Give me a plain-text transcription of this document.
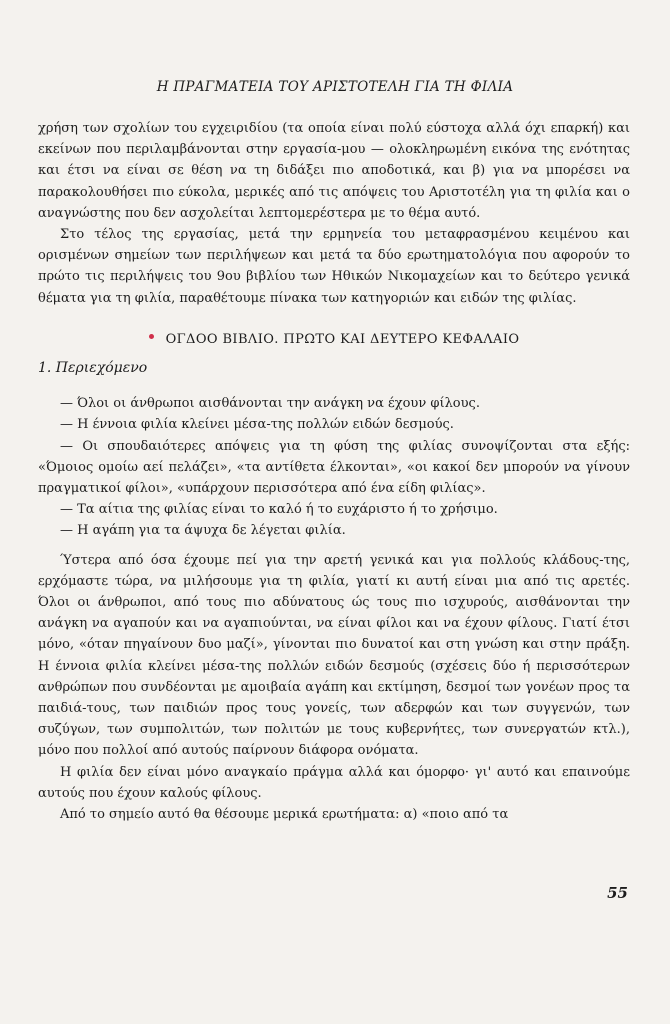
Η ΠΡΑΓΜΑΤΕΙΑ ΤΟΥ ΑΡΙΣΤΟΤΕΛΗ ΓΙΑ ΤΗ ΦΙΛΙΑ

χρήση των σχολίων του εγχειριδίου (τα οποία είναι πολύ εύστοχα αλλά όχι επαρκή) και εκείνων που περιλαμβάνονται στην εργασία-μου — ολοκληρωμένη εικόνα της ενότητας και έτσι να είναι σε θέση να τη διδάξει πιο αποδοτικά, και β) για να μπορέσει να παρακολουθήσει πιο εύκολα, μερικές από τις απόψεις του Αριστοτέλη για τη φιλία και ο αναγνώστης που δεν ασχολείται λεπτομερέστερα με το θέμα αυτό.

Στο τέλος της εργασίας, μετά την ερμηνεία του μεταφρασμένου κειμένου και ορισμένων σημείων των περιλήψεων και μετά τα δύο ερωτηματολόγια που αφορούν το πρώτο τις περιλήψεις του 9ου βιβλίου των Ηθικών Νικομαχείων και το δεύτερο γενικά θέματα για τη φιλία, παραθέτουμε πίνακα των κατηγοριών και ειδών της φιλίας.

ΟΓΔΟΟ ΒΙΒΛΙΟ. ΠΡΩΤΟ ΚΑΙ ΔΕΥΤΕΡΟ ΚΕΦΑΛΑΙΟ
1. Περιεχόμενο

— Όλοι οι άνθρωποι αισθάνονται την ανάγκη να έχουν φίλους.

— Η έννοια φιλία κλείνει μέσα-της πολλών ειδών δεσμούς.

— Οι σπουδαιότερες απόψεις για τη φύση της φιλίας συνοψίζονται στα εξής: «Όμοιος ομοίω αεί πελάζει», «τα αντίθετα έλκονται», «οι κακοί δεν μπορούν να γίνουν πραγματικοί φίλοι», «υπάρχουν περισσότερα από ένα είδη φιλίας».

— Τα αίτια της φιλίας είναι το καλό ή το ευχάριστο ή το χρήσιμο.

— Η αγάπη για τα άψυχα δε λέγεται φιλία.

Ύστερα από όσα έχουμε πεί για την αρετή γενικά και για πολλούς κλάδους-της, ερχόμαστε τώρα, να μιλήσουμε για τη φιλία, γιατί κι αυτή είναι μια από τις αρετές. Όλοι οι άνθρωποι, από τους πιο αδύνατους ώς τους πιο ισχυρούς, αισθάνονται την ανάγκη να αγαπούν και να αγαπιούνται, να είναι φίλοι και να έχουν φίλους. Γιατί έτσι μόνο, «όταν πηγαίνουν δυο μαζί», γίνονται πιο δυνατοί και στη γνώση και στην πράξη. Η έννοια φιλία κλείνει μέσα-της πολλών ειδών δεσμούς (σχέσεις δύο ή περισσότερων ανθρώπων που συνδέονται με αμοιβαία αγάπη και εκτίμηση, δεσμοί των γονέων προς τα παιδιά-τους, των παιδιών προς τους γονείς, των αδερφών και των συγγενών, των συζύγων, των συμπολιτών, των πολιτών με τους κυβερνήτες, των συνεργατών κτλ.), μόνο που πολλοί από αυτούς παίρνουν διάφορα ονόματα.

Η φιλία δεν είναι μόνο αναγκαίο πράγμα αλλά και όμορφο· γι' αυτό και επαινούμε αυτούς που έχουν καλούς φίλους.

Από το σημείο αυτό θα θέσουμε μερικά ερωτήματα: α) «ποιο από τα

55
